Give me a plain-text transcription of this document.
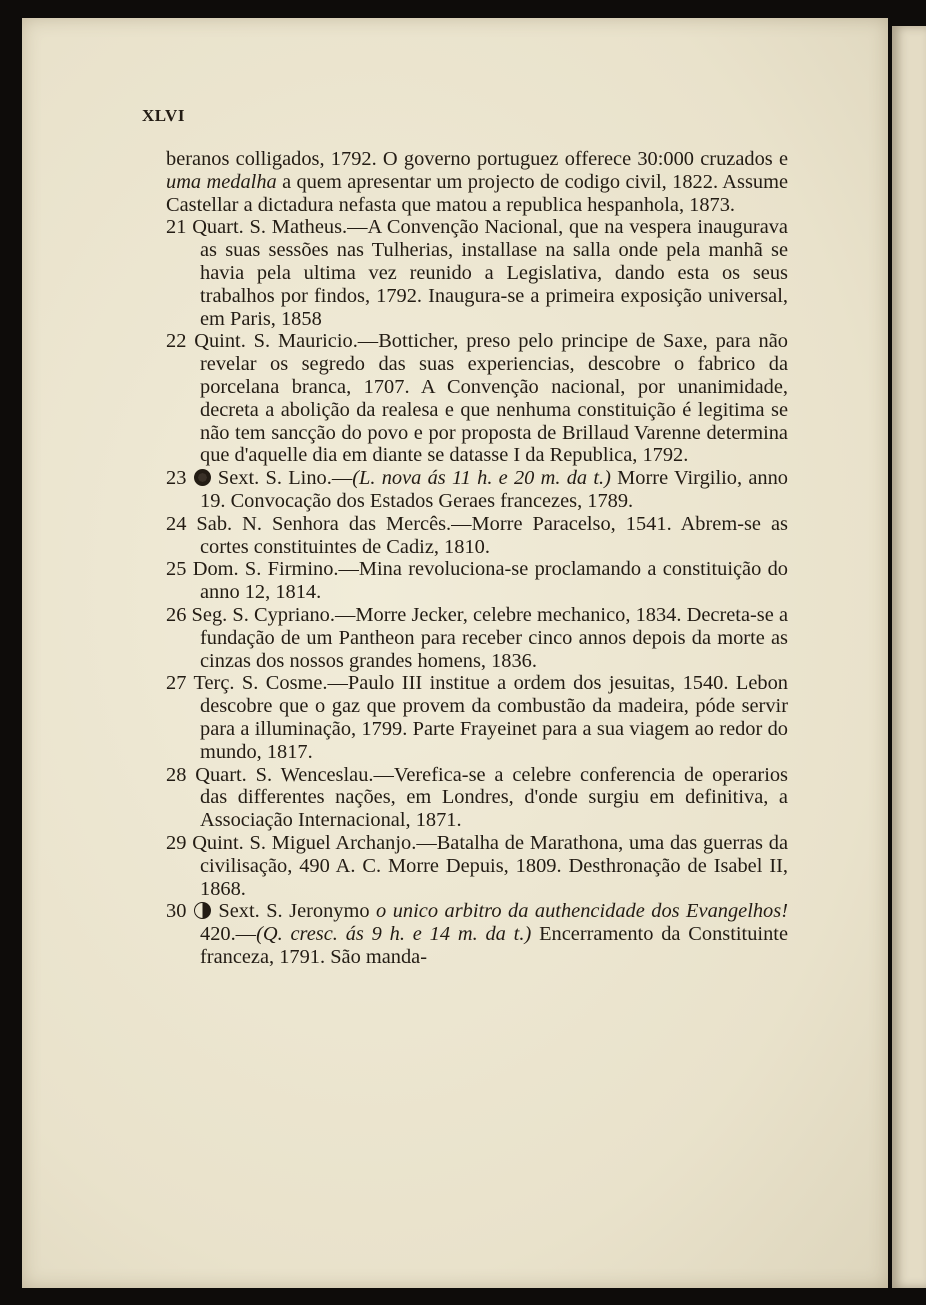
XLVI

beranos colligados, 1792. O governo portuguez offerece 30:000 cruzados e uma medalha a quem apresentar um projecto de codigo civil, 1822. Assume Castellar a dictadura nefasta que matou a republica hespanhola, 1873.

21 Quart. S. Matheus.—A Convenção Nacional, que na vespera inaugurava as suas sessões nas Tulherias, installase na salla onde pela manhã se havia pela ultima vez reunido a Legislativa, dando esta os seus trabalhos por findos, 1792. Inaugura-se a primeira exposição universal, em Paris, 1858

22 Quint. S. Mauricio.—Botticher, preso pelo principe de Saxe, para não revelar os segredo das suas experiencias, descobre o fabrico da porcelana branca, 1707. A Convenção nacional, por unanimidade, decreta a abolição da realesa e que nenhuma constituição é legitima se não tem sancção do povo e por proposta de Brillaud Varenne determina que d'aquelle dia em diante se datasse I da Republica, 1792.

23  Sext. S. Lino.—(L. nova ás 11 h. e 20 m. da t.) Morre Virgilio, anno 19. Convocação dos Estados Geraes francezes, 1789.

24 Sab. N. Senhora das Mercês.—Morre Paracelso, 1541. Abrem-se as cortes constituintes de Cadiz, 1810.

25 Dom. S. Firmino.—Mina revoluciona-se proclamando a constituição do anno 12, 1814.

26 Seg. S. Cypriano.—Morre Jecker, celebre mechanico, 1834. Decreta-se a fundação de um Pantheon para receber cinco annos depois da morte as cinzas dos nossos grandes homens, 1836.

27 Terç. S. Cosme.—Paulo III institue a ordem dos jesuitas, 1540. Lebon descobre que o gaz que provem da combustão da madeira, póde servir para a illuminação, 1799. Parte Frayeinet para a sua viagem ao redor do mundo, 1817.

28 Quart. S. Wenceslau.—Verefica-se a celebre conferencia de operarios das differentes nações, em Londres, d'onde surgiu em definitiva, a Associação Internacional, 1871.

29 Quint. S. Miguel Archanjo.—Batalha de Marathona, uma das guerras da civilisação, 490 A. C. Morre Depuis, 1809. Desthronação de Isabel II, 1868.

30  Sext. S. Jeronymo o unico arbitro da authencidade dos Evangelhos! 420.—(Q. cresc. ás 9 h. e 14 m. da t.) Encerramento da Constituinte franceza, 1791. São manda-
